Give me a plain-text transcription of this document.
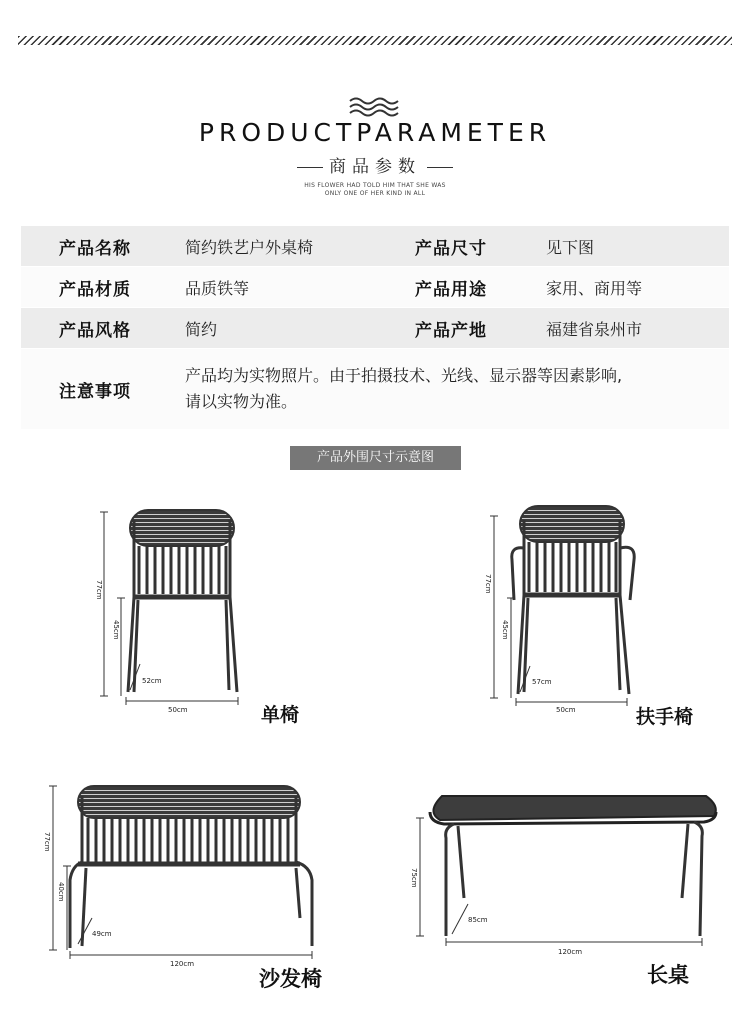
PRODUCTPARAMETER
商品参数
HIS FLOWER HAD TOLD HIM THAT SHE WAS
ONLY ONE OF HER KIND IN ALL
产品名称	简约铁艺户外桌椅	产品尺寸	见下图

产品材质	品质铁等	产品用途	家用、商用等

产品风格	简约	产品产地	福建省泉州市

注意事项	产品均为实物照片。由于拍摄技术、光线、显示器等因素影响,
请以实物为准。		
产品外围尺寸示意图
77cm
45cm
52cm
50cm
77cm
45cm
57cm
50cm
77cm
40cm
49cm
120cm
75cm
85cm
120cm
单椅	扶手椅
沙发椅	长桌
